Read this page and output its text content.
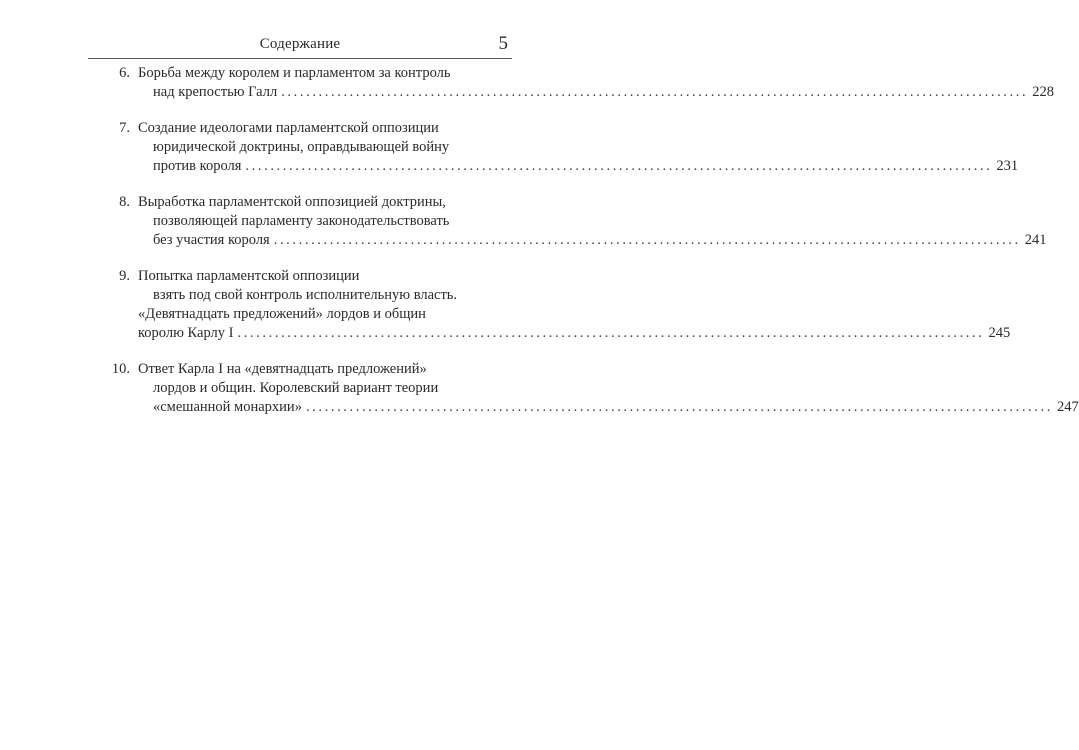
Содержание	5
6. Борьба между королем и парламентом за контроль
над крепостью Галл ........................................................................................................................ 228
7. Создание идеологами парламентской оппозиции
юридической доктрины, оправдывающей войну
против короля ........................................................................................................................ 231
8. Выработка парламентской оппозицией доктрины,
позволяющей парламенту законодательствовать
без участия короля ........................................................................................................................ 241
9. Попытка парламентской оппозиции
взять под свой контроль исполнительную власть.
«Девятнадцать предложений» лордов и общин
королю Карлу I ........................................................................................................................ 245
10. Ответ Карла I на «девятнадцать предложений»
лордов и общин. Королевский вариант теории
«смешанной монархии» ........................................................................................................................ 247
